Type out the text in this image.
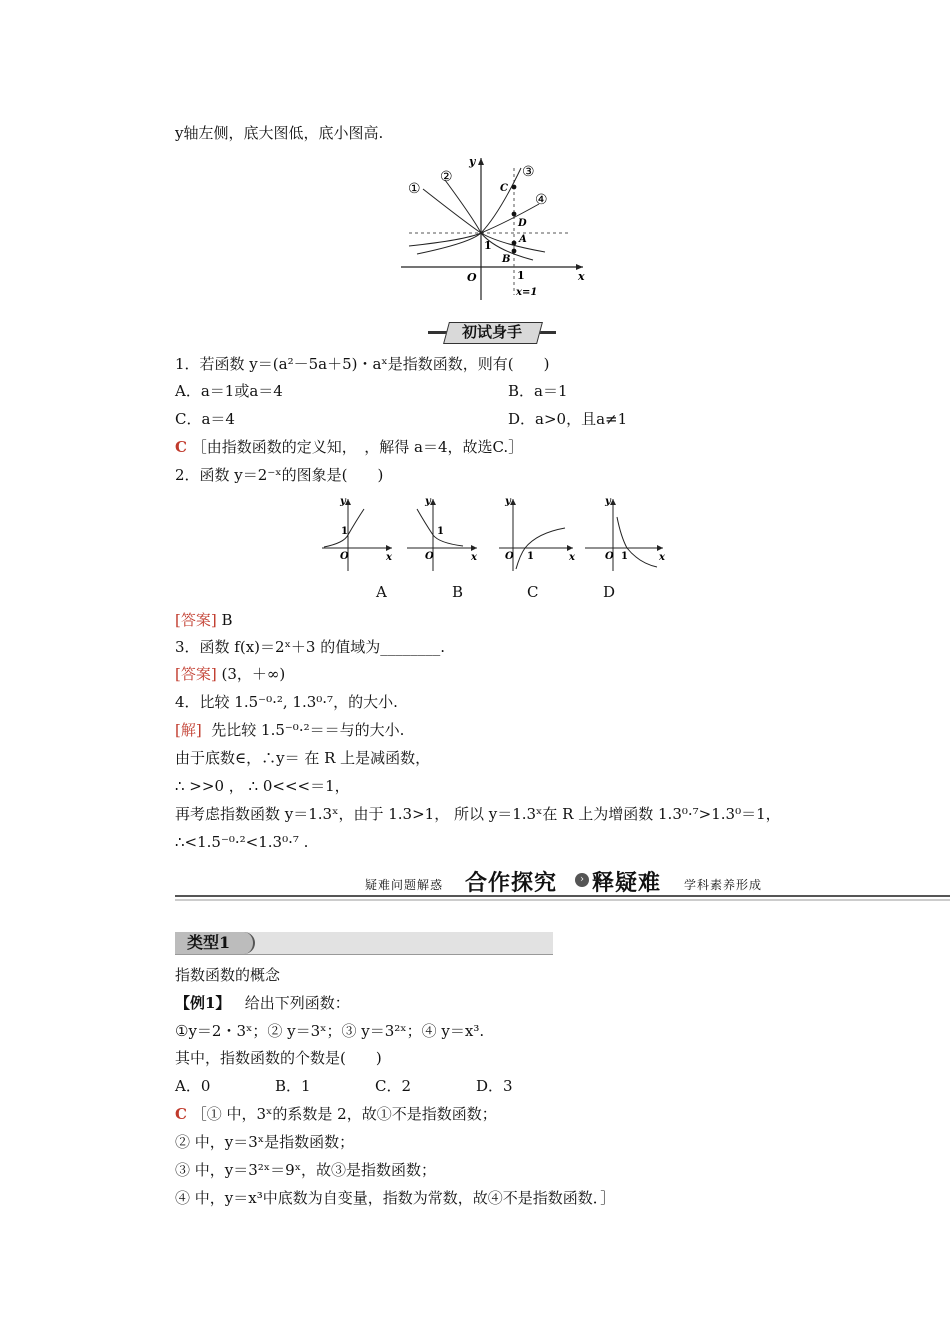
y轴左侧，底大图低，底小图高.
y
x
O
1
1
x=1
①
②	③
④
C
D
A
B
初试身手
1．若函数 y＝(a²－5a＋5)・aˣ是指数函数，则有(　　)
A．a＝1或a＝4	B．a＝1
C．a＝4	D．a>0，且a≠1
C ［由指数函数的定义知，　，解得 a＝4，故选C.］
2．函数 y＝2⁻ˣ的图象是(　　)
y
x
O
1
y
x
O
1
y
x
O 1
y
x
O 1
A	B	C	D
[答案] B
3．函数 f(x)＝2ˣ＋3 的值域为________.
[答案] (3，＋∞)
4．比较 1.5⁻⁰·², 1.3⁰·⁷，的大小.
[解] 先比较 1.5⁻⁰·²＝＝与的大小.
由于底数∈，∴y＝ 在 R 上是减函数，
∴ >>0 ， ∴ 0<<<＝1，
再考虑指数函数 y＝1.3ˣ，由于 1.3>1， 所以 y＝1.3ˣ在 R 上为增函数 1.3⁰·⁷>1.3⁰＝1，
∴<1.5⁻⁰·²<1.3⁰·⁷ .
疑难问题解惑 合作探究	› 释疑难 学科素养形成
类型1
指数函数的概念
【例1】 给出下列函数：
①y＝2・3ˣ；② y＝3ˣ；③ y＝3²ˣ；④ y＝x³.
其中，指数函数的个数是(　　)
A．0	B．1	C．2	D．3
C ［① 中，3ˣ的系数是 2，故①不是指数函数；
② 中，y＝3ˣ是指数函数；
③ 中，y＝3²ˣ＝9ˣ，故③是指数函数；
④ 中，y＝x³中底数为自变量，指数为常数，故④不是指数函数．］
